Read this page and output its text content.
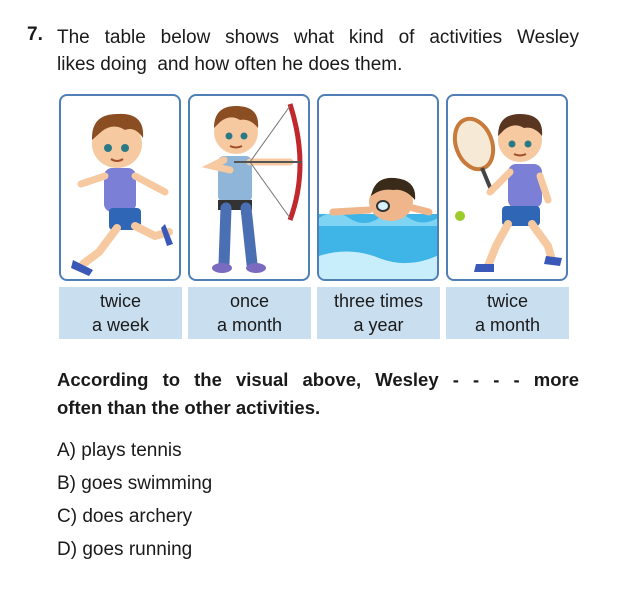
7. The table below shows what kind of activities Wesley
likes doing  and how often he does them.
twice
a week
once
a month
three times
a year
twice
a month
According to the visual above, Wesley - - - - more
often than the other activities.
A) plays tennis
B) goes swimming
C) does archery
D) goes running
